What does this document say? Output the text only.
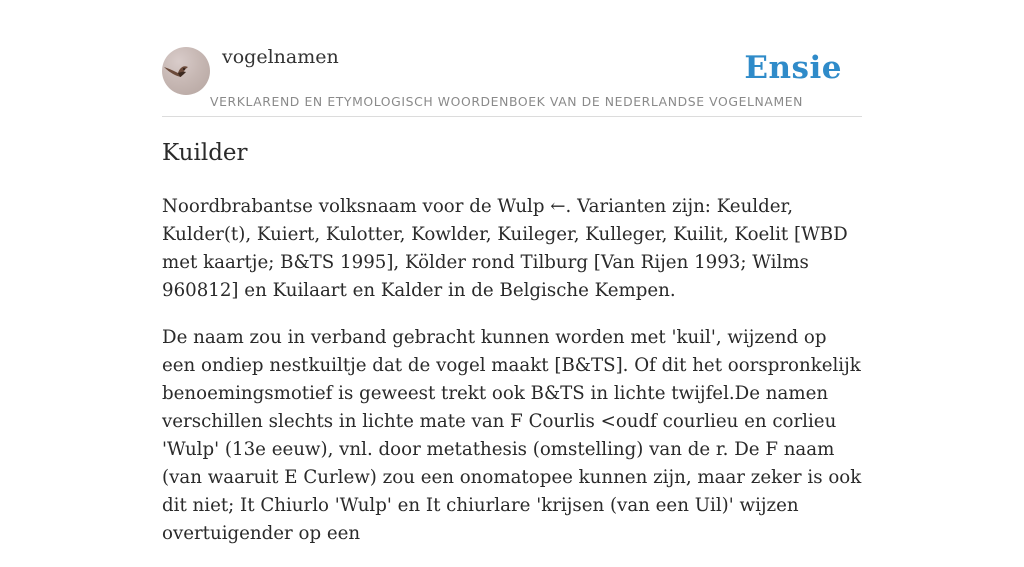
vogelnamen	Ensie
VERKLAREND EN ETYMOLOGISCH WOORDENBOEK VAN DE NEDERLANDSE VOGELNAMEN
Kuilder

Noordbrabantse volksnaam voor de Wulp ←. Varianten zijn: Keulder, Kulder(t), Kuiert, Kulotter, Kowlder, Kuileger, Kulleger, Kuilit, Koelit [WBD met kaartje; B&TS 1995], Kölder rond Tilburg [Van Rijen 1993; Wilms 960812] en Kuilaart en Kalder in de Belgische Kempen.

De naam zou in verband gebracht kunnen worden met 'kuil', wijzend op een ondiep nestkuiltje dat de vogel maakt [B&TS]. Of dit het oorspronkelijk benoemingsmotief is geweest trekt ook B&TS in lichte twijfel.De namen verschillen slechts in lichte mate van F Courlis <oudf courlieu en corlieu 'Wulp' (13e eeuw), vnl. door metathesis (omstelling) van de r. De F naam (van waaruit E Curlew) zou een onomatopee kunnen zijn, maar zeker is ook dit niet; It Chiurlo 'Wulp' en It chiurlare 'krijsen (van een Uil)' wijzen overtuigender op een
